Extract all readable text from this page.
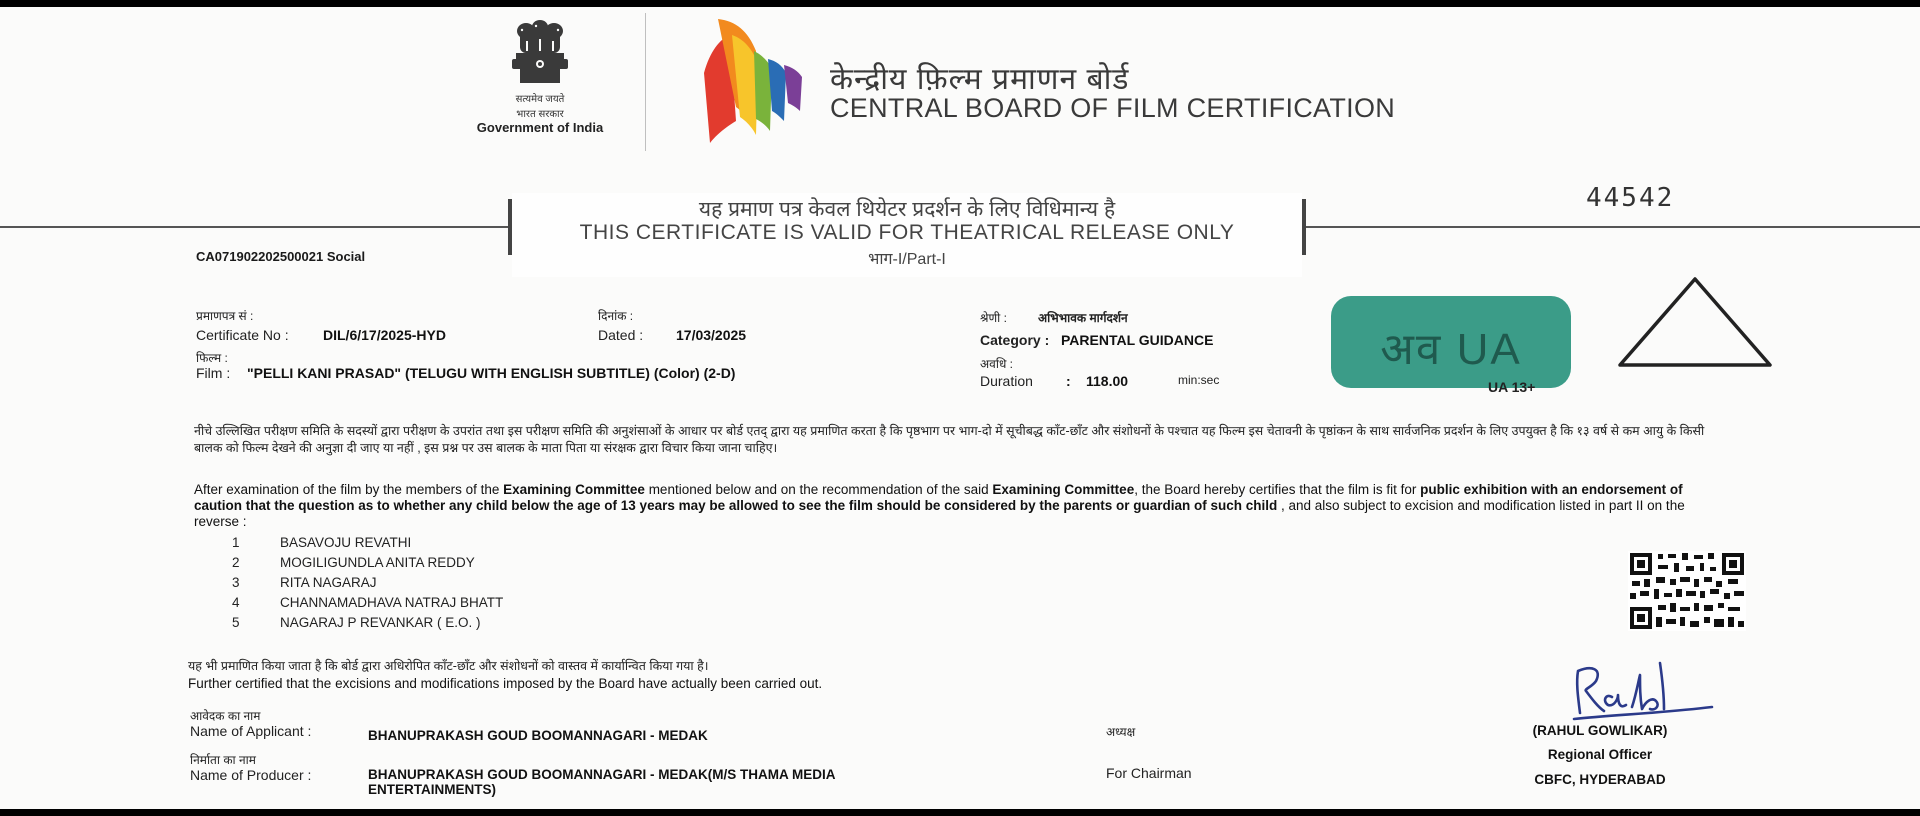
सत्यमेव जयते
भारत सरकार
Government of India
केन्द्रीय फ़िल्म प्रमाणन बोर्ड
CENTRAL BOARD OF FILM CERTIFICATION
यह प्रमाण पत्र केवल थियेटर प्रदर्शन के लिए विधिमान्य है
THIS CERTIFICATE IS VALID FOR THEATRICAL RELEASE ONLY
भाग-I/Part-I
44542
CA071902202500021 Social
प्रमाणपत्र सं :
Certificate No : DIL/6/17/2025-HYD
दिनांक :
Dated : 17/03/2025
फिल्म :
Film : "PELLI KANI PRASAD" (TELUGU WITH ENGLISH SUBTITLE) (Color) (2-D)
श्रेणी :	अभिभावक मार्गदर्शन
Category : PARENTAL GUIDANCE
अवधि :
Duration : 118.00	min:sec
अव UA
UA 13+
नीचे उल्लिखित परीक्षण समिति के सदस्यों द्वारा परीक्षण के उपरांत तथा इस परीक्षण समिति की अनुशंसाओं के आधार पर बोर्ड एतद् द्वारा यह प्रमाणित करता है कि पृष्ठभाग पर भाग-दो में सूचीबद्ध काँट-छाँट और संशोधनों के पश्चात यह फिल्म इस चेतावनी के पृष्ठांकन के साथ सार्वजनिक प्रदर्शन के लिए उपयुक्त है कि १३ वर्ष से कम आयु के किसी बालक को फिल्म देखने की अनुज्ञा दी जाए या नहीं , इस प्रश्न पर उस बालक के माता पिता या संरक्षक द्वारा विचार किया जाना चाहिए।
After examination of the film by the members of the Examining Committee mentioned below and on the recommendation of the said Examining Committee, the Board hereby certifies that the film is fit for public exhibition with an endorsement of caution that the question as to whether any child below the age of 13 years may be allowed to see the film should be considered by the parents or guardian of such child , and also subject to excision and modification listed in part II on the reverse :
1	BASAVOJU REVATHI
2	MOGILIGUNDLA ANITA REDDY
3	RITA NAGARAJ
4	CHANNAMADHAVA NATRAJ BHATT
5	NAGARAJ P REVANKAR ( E.O. )
यह भी प्रमाणित किया जाता है कि बोर्ड द्वारा अधिरोपित काँट-छाँट और संशोधनों को वास्तव में कार्यान्वित किया गया है।
Further certified that the excisions and modifications imposed by the Board have actually been carried out.
आवेदक का नाम
Name of Applicant :	BHANUPRAKASH GOUD BOOMANNAGARI - MEDAK
निर्माता का नाम
Name of Producer :	BHANUPRAKASH GOUD BOOMANNAGARI - MEDAK(M/S THAMA MEDIA
ENTERTAINMENTS)
अध्यक्ष
For Chairman
(RAHUL GOWLIKAR)
Regional Officer
CBFC, HYDERABAD
